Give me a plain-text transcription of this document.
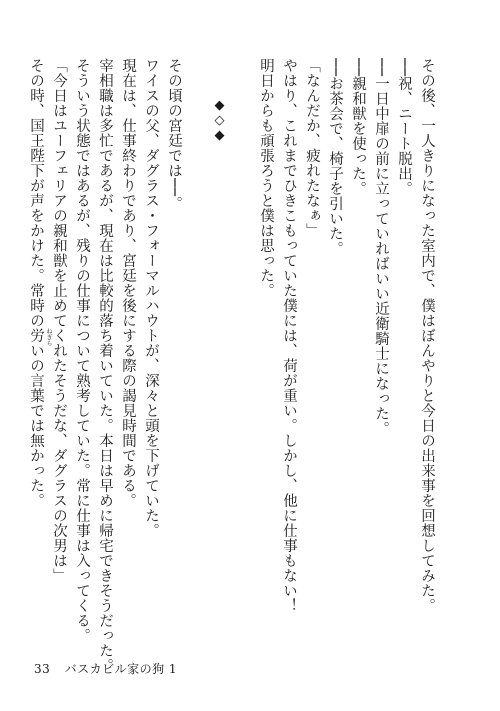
その後、一人きりになった室内で、僕はぼんやりと今日の出来事を回想してみた。
──祝、ニート脱出。
──一日中扉の前に立っていればいい近衛騎士になった。
──親和獣を使った。
──お茶会で、椅子を引いた。
「なんだか、疲れたなぁ」
やはり、これまでひきこもっていた僕には、荷が重い。しかし、他に仕事もない！
明日からも頑張ろうと僕は思った。
◆◇◆
その頃の宮廷では──。
ワイスの父、ダグラス・フォーマルハウトが、深々と頭を下げていた。
現在は、仕事終わりであり、宮廷を後にする際の謁見時間である。
宰相職は多忙であるが、現在は比較的落ち着いていた。本日は早めに帰宅できそうだった。
そういう状態ではあるが、残りの仕事について熟考していた。常に仕事は入ってくる。
「今日はユーフェリアの親和獣を止めてくれたそうだな、ダグラスの次男は」
その時、国王陛下が声をかけた。常時の労 ねぎら
いの言葉では無かった。
33 バスカビル家の狗 1
